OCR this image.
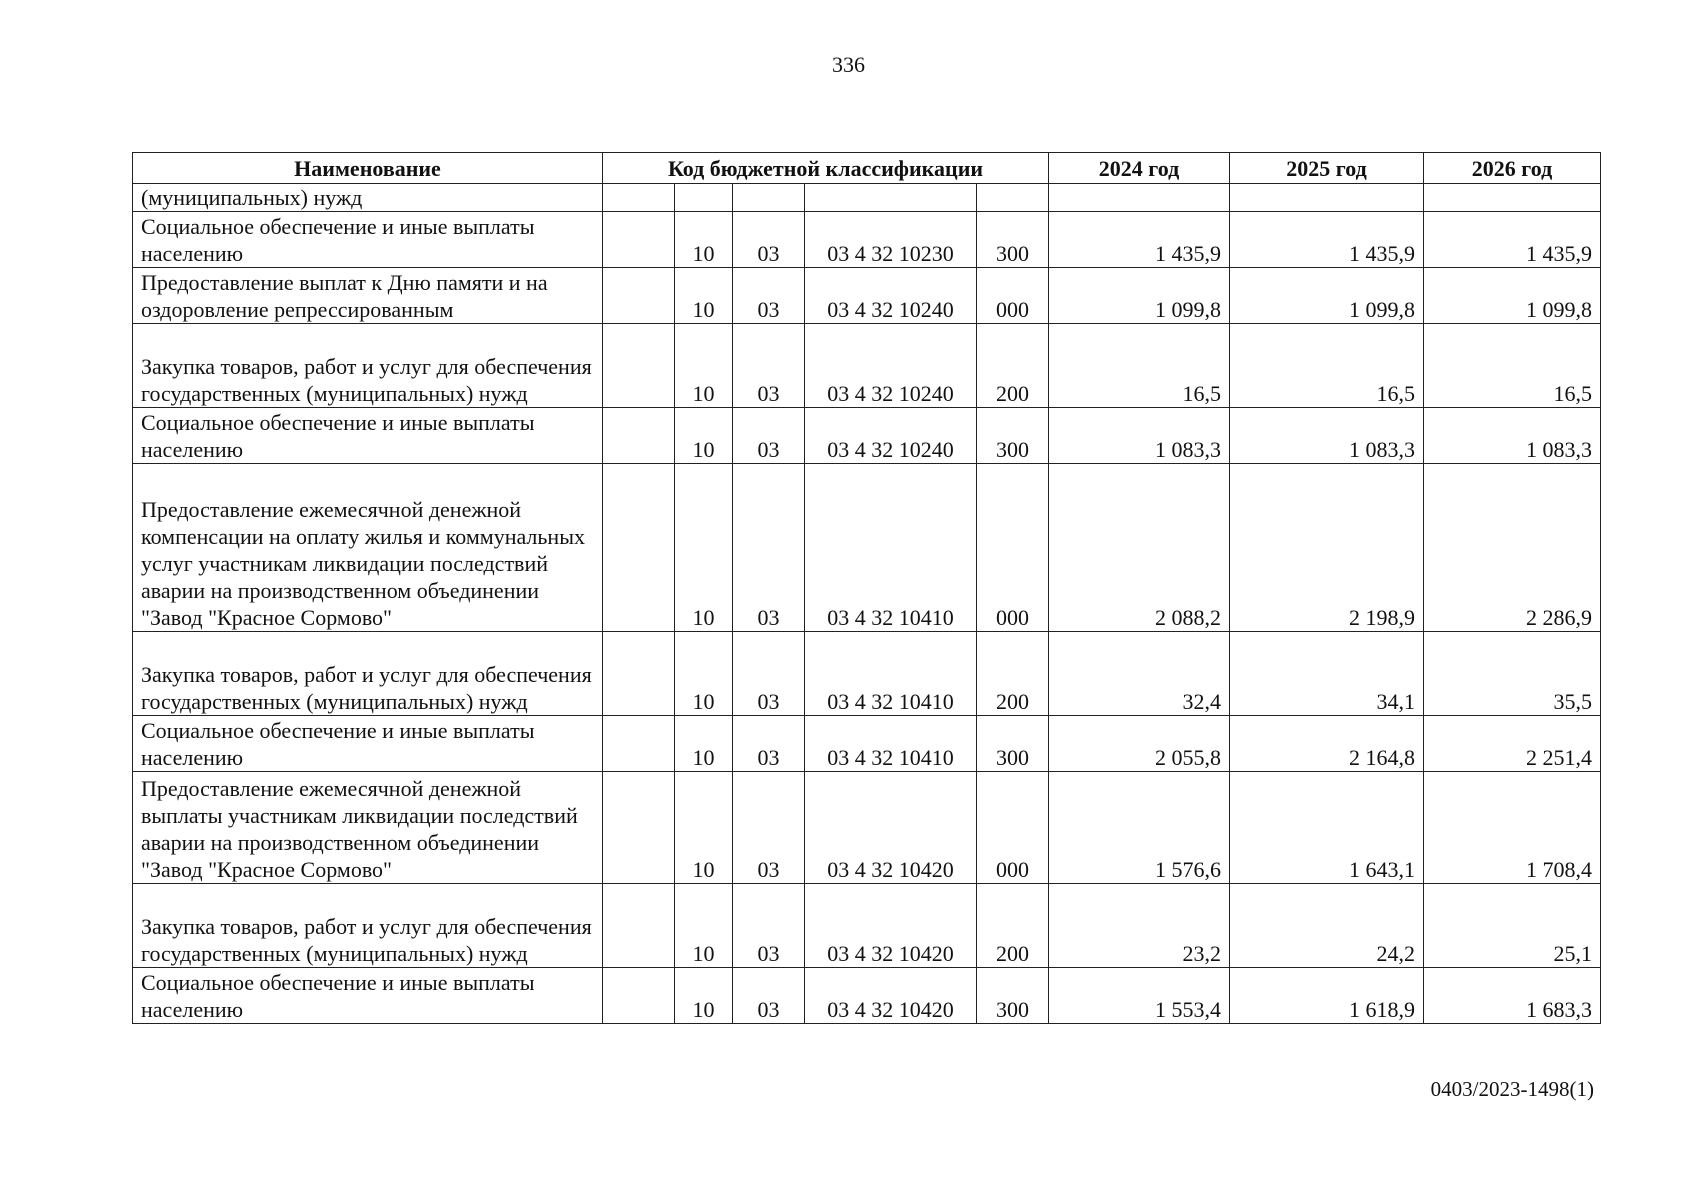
336
Наименование	Код бюджетной классификации					2024 год	2025 год	2026 год
(муниципальных) нужд								
Социальное обеспечение и иные выплаты населению		10	03	03 4 32 10230	300	1 435,9	1 435,9	1 435,9
Предоставление выплат к Дню памяти и на оздоровление репрессированным		10	03	03 4 32 10240	000	1 099,8	1 099,8	1 099,8
Закупка товаров, работ и услуг для обеспечения государственных (муниципальных) нужд		10	03	03 4 32 10240	200	16,5	16,5	16,5
Социальное обеспечение и иные выплаты населению		10	03	03 4 32 10240	300	1 083,3	1 083,3	1 083,3
Предоставление ежемесячной денежной компенсации на оплату жилья и коммунальных услуг участникам ликвидации последствий аварии на производственном объединении "Завод "Красное Сормово"		10	03	03 4 32 10410	000	2 088,2	2 198,9	2 286,9
Закупка товаров, работ и услуг для обеспечения государственных (муниципальных) нужд		10	03	03 4 32 10410	200	32,4	34,1	35,5
Социальное обеспечение и иные выплаты населению		10	03	03 4 32 10410	300	2 055,8	2 164,8	2 251,4
Предоставление ежемесячной денежной выплаты участникам ликвидации последствий аварии на производственном объединении "Завод "Красное Сормово"		10	03	03 4 32 10420	000	1 576,6	1 643,1	1 708,4
Закупка товаров, работ и услуг для обеспечения государственных (муниципальных) нужд		10	03	03 4 32 10420	200	23,2	24,2	25,1
Социальное обеспечение и иные выплаты населению		10	03	03 4 32 10420	300	1 553,4	1 618,9	1 683,3
0403/2023-1498(1)
